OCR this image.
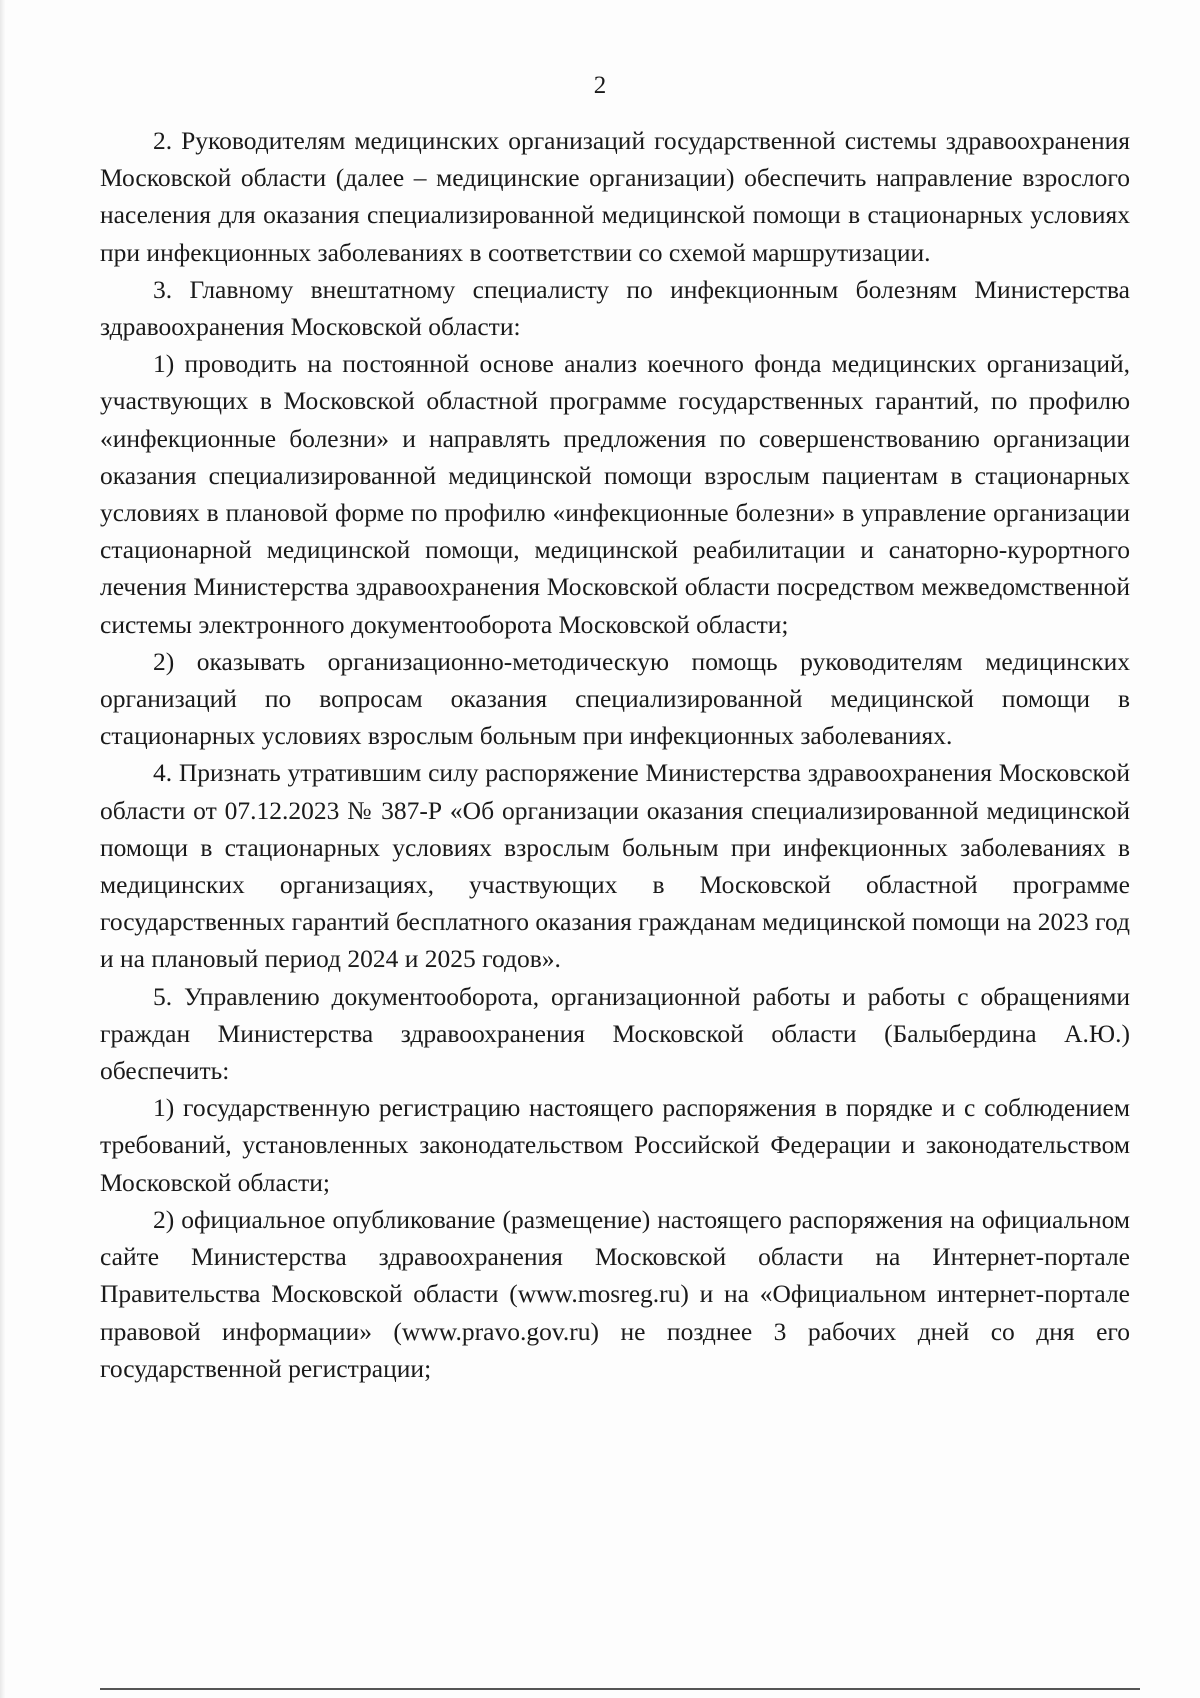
2

2. Руководителям медицинских организаций государственной системы здравоохранения Московской области (далее – медицинские организации) обеспечить направление взрослого населения для оказания специализированной медицинской помощи в стационарных условиях при инфекционных заболеваниях в соответствии со схемой маршрутизации.

3. Главному внештатному специалисту по инфекционным болезням Министерства здравоохранения Московской области:

1) проводить на постоянной основе анализ коечного фонда медицинских организаций, участвующих в Московской областной программе государственных гарантий, по профилю «инфекционные болезни» и направлять предложения по совершенствованию организации оказания специализированной медицинской помощи взрослым пациентам в стационарных условиях в плановой форме по профилю «инфекционные болезни» в управление организации стационарной медицинской помощи, медицинской реабилитации и санаторно-курортного лечения Министерства здравоохранения Московской области посредством межведомственной системы электронного документооборота Московской области;

2) оказывать организационно-методическую помощь руководителям медицинских организаций по вопросам оказания специализированной медицинской помощи в стационарных условиях взрослым больным при инфекционных заболеваниях.

4. Признать утратившим силу распоряжение Министерства здравоохранения Московской области от 07.12.2023 № 387-Р «Об организации оказания специализированной медицинской помощи в стационарных условиях взрослым больным при инфекционных заболеваниях в медицинских организациях, участвующих в Московской областной программе государственных гарантий бесплатного оказания гражданам медицинской помощи на 2023 год и на плановый период 2024 и 2025 годов».

5. Управлению документооборота, организационной работы и работы с обращениями граждан Министерства здравоохранения Московской области (Балыбердина А.Ю.) обеспечить:

1) государственную регистрацию настоящего распоряжения в порядке и с соблюдением требований, установленных законодательством Российской Федерации и законодательством Московской области;

2) официальное опубликование (размещение) настоящего распоряжения на официальном сайте Министерства здравоохранения Московской области на Интернет-портале Правительства Московской области (www.mosreg.ru) и на «Официальном интернет-портале правовой информации» (www.pravo.gov.ru) не позднее 3 рабочих дней со дня его государственной регистрации;
